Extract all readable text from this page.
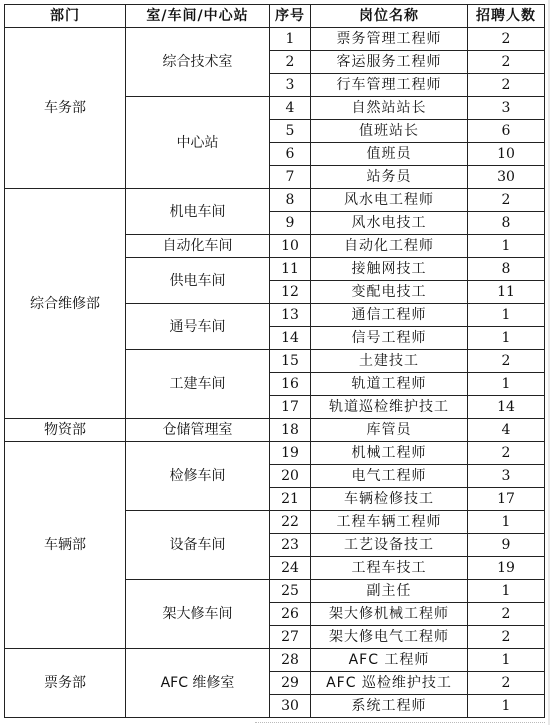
部门	室/车间/中心站	序号	岗位名称	招聘人数
车务部	综合技术室	1	票务管理工程师	2
		2	客运服务工程师	2
		3	行车管理工程师	2
	中心站	4	自然站站长	3
		5	值班站长	6
		6	值班员	10
		7	站务员	30
综合维修部	机电车间	8	风水电工程师	2
		9	风水电技工	8
	自动化车间	10	自动化工程师	1
	供电车间	11	接触网技工	8
		12	变配电技工	11
	通号车间	13	通信工程师	1
		14	信号工程师	1
	工建车间	15	土建技工	2
		16	轨道工程师	1
		17	轨道巡检维护技工	14
物资部	仓储管理室	18	库管员	4
车辆部	检修车间	19	机械工程师	2
		20	电气工程师	3
		21	车辆检修技工	17
	设备车间	22	工程车辆工程师	1
		23	工艺设备技工	9
		24	工程车技工	19
	架大修车间	25	副主任	1
		26	架大修机械工程师	2
		27	架大修电气工程师	2
票务部	AFC 维修室	28	AFC 工程师	1
		29	AFC 巡检维护技工	2
		30	系统工程师	1
